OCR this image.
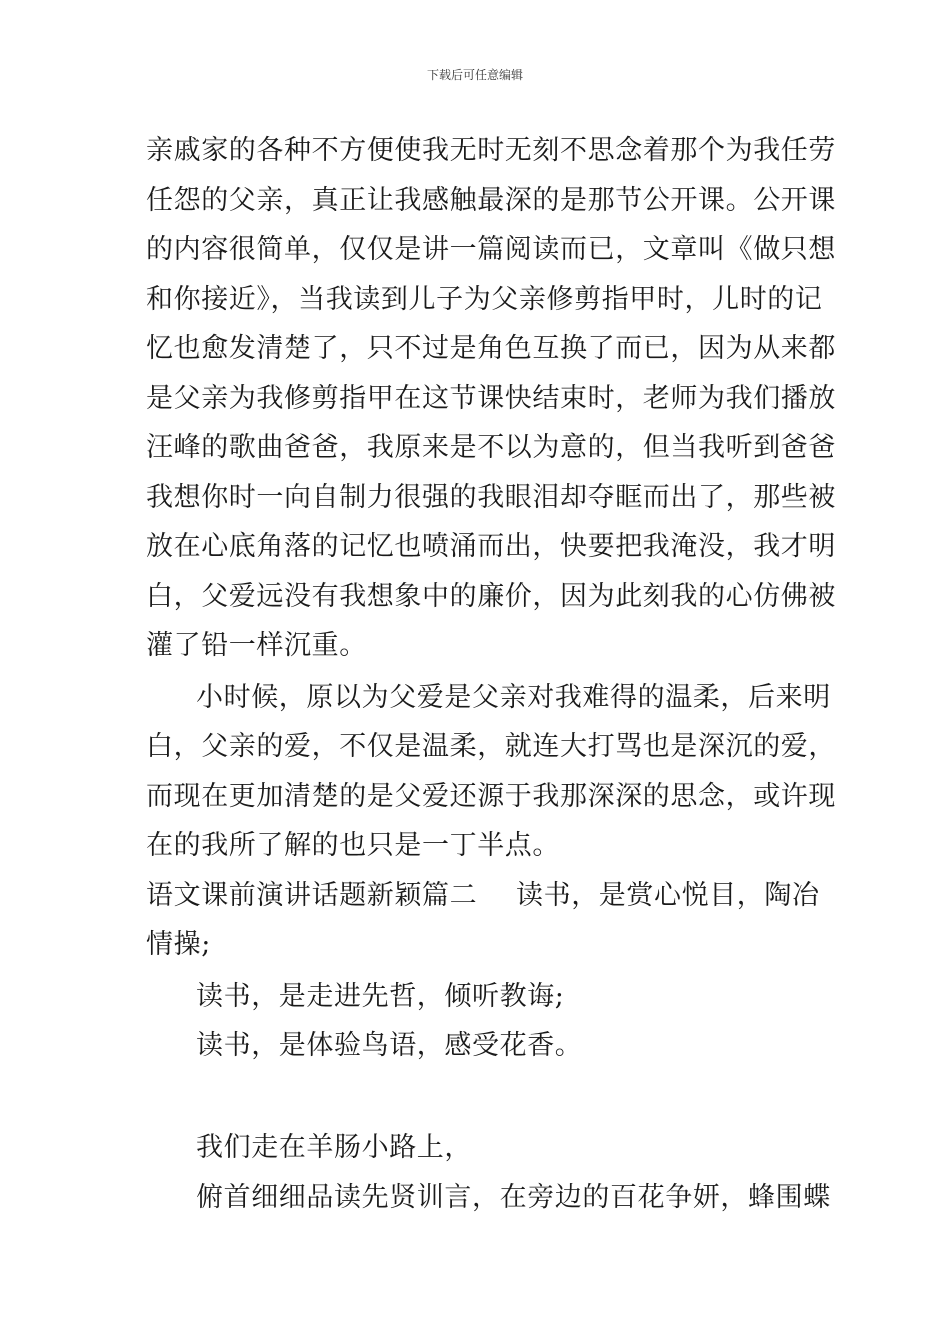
下载后可任意编辑
亲戚家的各种不方便使我无时无刻不思念着那个为我任劳
任怨的父亲，真正让我感触最深的是那节公开课。公开课
的内容很简单，仅仅是讲一篇阅读而已，文章叫《做只想
和你接近》，当我读到儿子为父亲修剪指甲时，儿时的记
忆也愈发清楚了，只不过是角色互换了而已，因为从来都
是父亲为我修剪指甲在这节课快结束时，老师为我们播放
汪峰的歌曲爸爸，我原来是不以为意的，但当我听到爸爸
我想你时一向自制力很强的我眼泪却夺眶而出了，那些被
放在心底角落的记忆也喷涌而出，快要把我淹没，我才明
白，父爱远没有我想象中的廉价，因为此刻我的心仿佛被
灌了铅一样沉重。
小时候，原以为父爱是父亲对我难得的温柔，后来明
白，父亲的爱，不仅是温柔，就连大打骂也是深沉的爱，
而现在更加清楚的是父爱还源于我那深深的思念，或许现
在的我所了解的也只是一丁半点。
语文课前演讲话题新颖篇二 读书，是赏心悦目，陶冶
情操;
读书，是走进先哲，倾听教诲;
读书，是体验鸟语，感受花香。
我们走在羊肠小路上，
俯首细细品读先贤训言，在旁边的百花争妍，蜂围蝶
